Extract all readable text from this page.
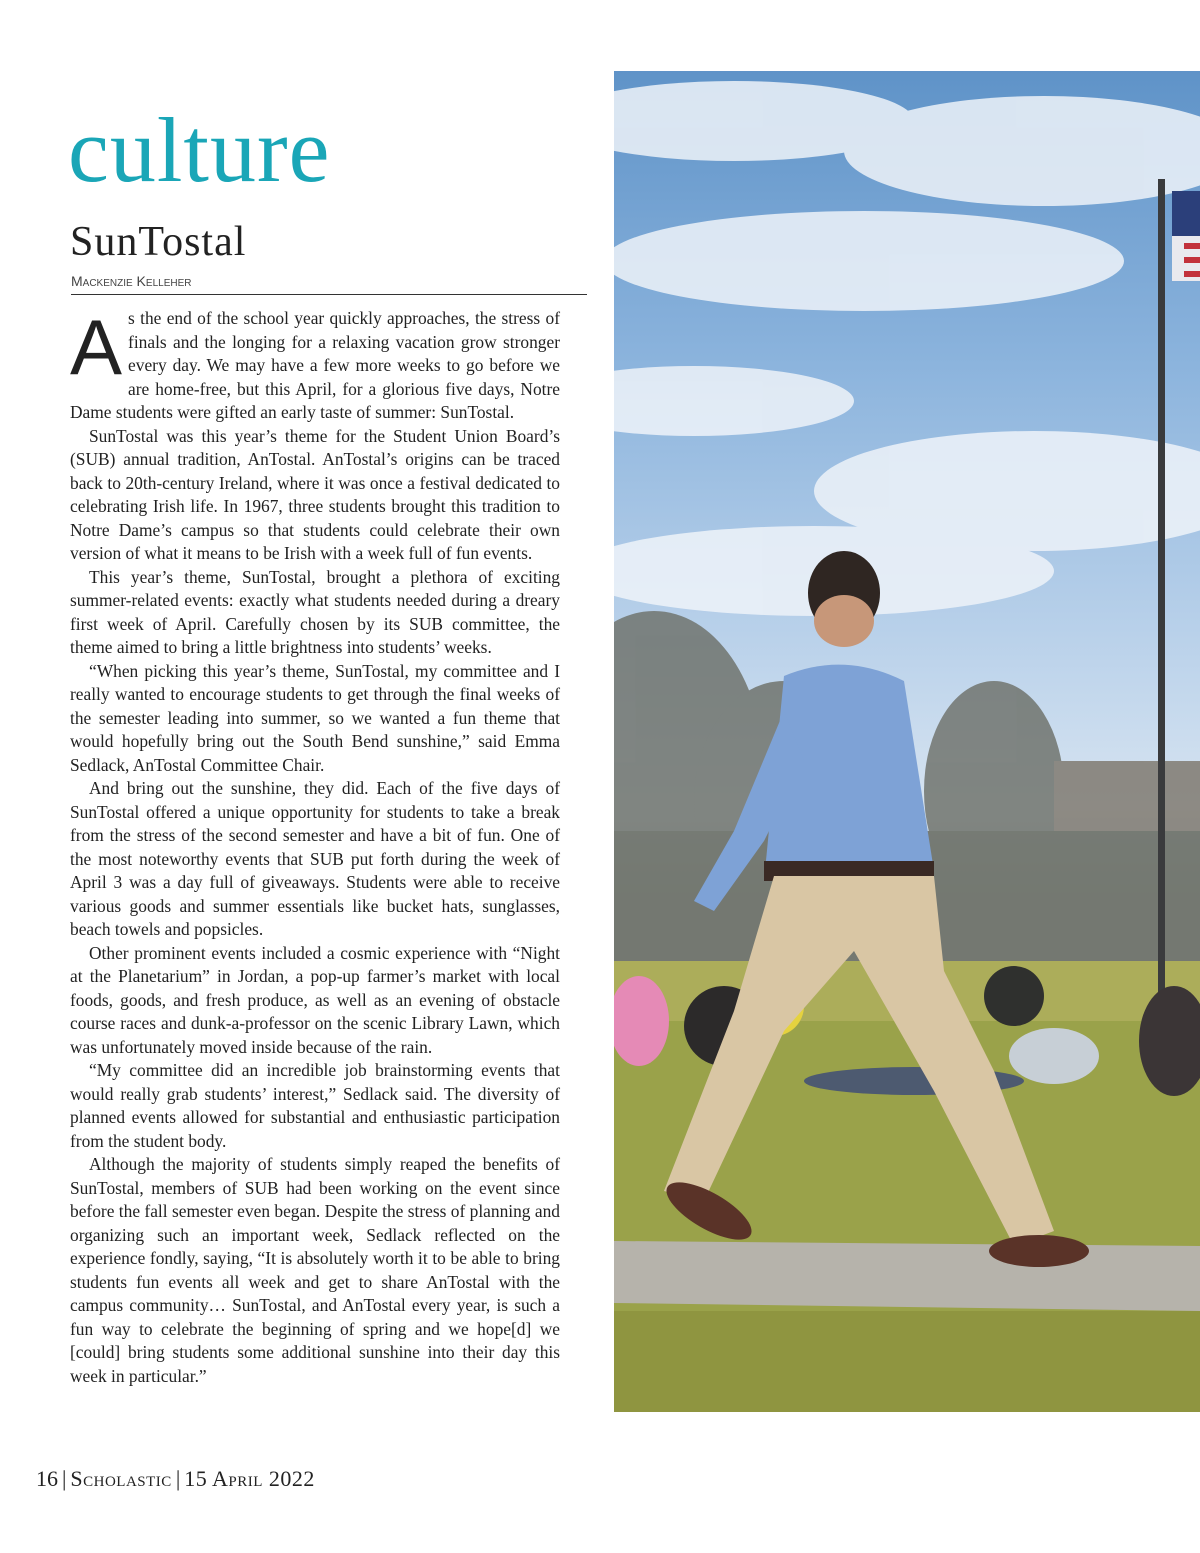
culture
SunTostal
Mackenzie Kelleher

As the end of the school year quickly approaches, the stress of finals and the longing for a relaxing vacation grow stronger every day. We may have a few more weeks to go before we are home-free, but this April, for a glorious five days, Notre Dame students were gifted an early taste of summer: SunTostal.

SunTostal was this year’s theme for the Student Union Board’s (SUB) annual tradition, AnTostal. AnTostal’s origins can be traced back to 20th-century Ireland, where it was once a festival dedicated to celebrating Irish life. In 1967, three students brought this tradition to Notre Dame’s campus so that students could celebrate their own version of what it means to be Irish with a week full of fun events.

This year’s theme, SunTostal, brought a plethora of exciting summer-related events: exactly what students needed during a dreary first week of April. Carefully chosen by its SUB committee, the theme aimed to bring a little brightness into students’ weeks.

“When picking this year’s theme, SunTostal, my committee and I really wanted to encourage students to get through the final weeks of the semester leading into summer, so we wanted a fun theme that would hopefully bring out the South Bend sunshine,” said Emma Sedlack, AnTostal Committee Chair.

And bring out the sunshine, they did. Each of the five days of SunTostal offered a unique opportunity for students to take a break from the stress of the second semester and have a bit of fun. One of the most noteworthy events that SUB put forth during the week of April 3 was a day full of giveaways. Students were able to receive various goods and summer essentials like bucket hats, sunglasses, beach towels and popsicles.

Other prominent events included a cosmic experience with “Night at the Planetarium” in Jordan, a pop-up farmer’s market with local foods, goods, and fresh produce, as well as an evening of obstacle course races and dunk-a-professor on the scenic Library Lawn, which was unfortunately moved inside because of the rain.

“My committee did an incredible job brainstorming events that would really grab students’ interest,” Sedlack said. The diversity of planned events allowed for substantial and enthusiastic participation from the student body.

Although the majority of students simply reaped the benefits of SunTostal, members of SUB had been working on the event since before the fall semester even began. Despite the stress of planning and organizing such an important week, Sedlack reflected on the experience fondly, saying, “It is absolutely worth it to be able to bring students fun events all week and get to share AnTostal with the campus community… SunTostal, and AnTostal every year, is such a fun way to celebrate the beginning of spring and we hope[d] we [could] bring students some additional sunshine into their day this week in particular.”

16 | Scholastic | 15 April 2022
